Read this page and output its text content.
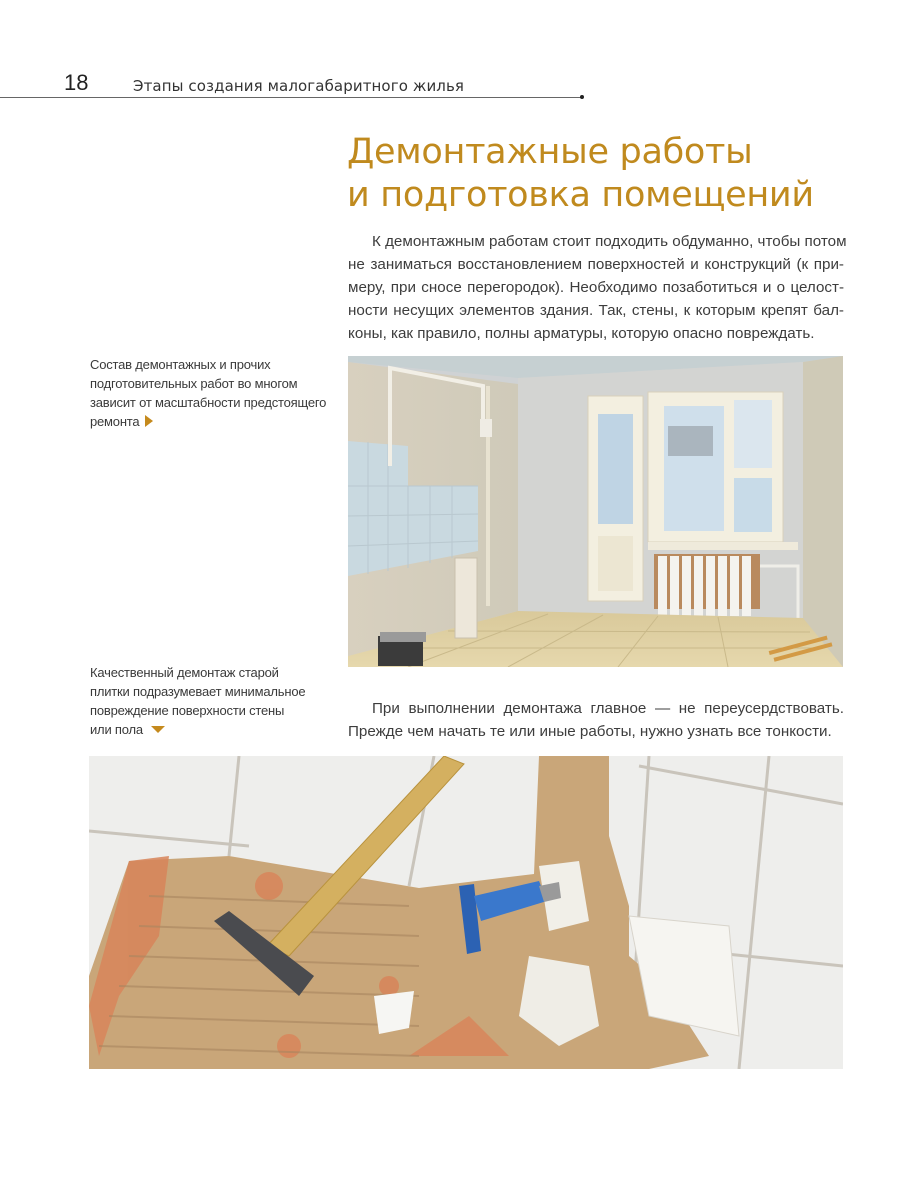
18	Этапы создания малогабаритного жилья
Демонтажные работы
и подготовка помещений

К демонтажным работам стоит подходить обдуманно, чтобы потом
не заниматься восстановлением поверхностей и конструкций (к при-
меру, при сносе перегородок). Необходимо позаботиться и о целост-
ности несущих элементов здания. Так, стены, к которым крепят бал-
коны, как правило, полны арматуры, которую опасно повреждать.

Состав демонтажных и прочих
подготовительных работ во многом
зависит от масштабности предстоящего
ремонта

Качественный демонтаж старой
плитки подразумевает минимальное
повреждение поверхности стены
или пола

При выполнении демонтажа главное — не переусердствовать.
Прежде чем начать те или иные работы, нужно узнать все тонкости.
